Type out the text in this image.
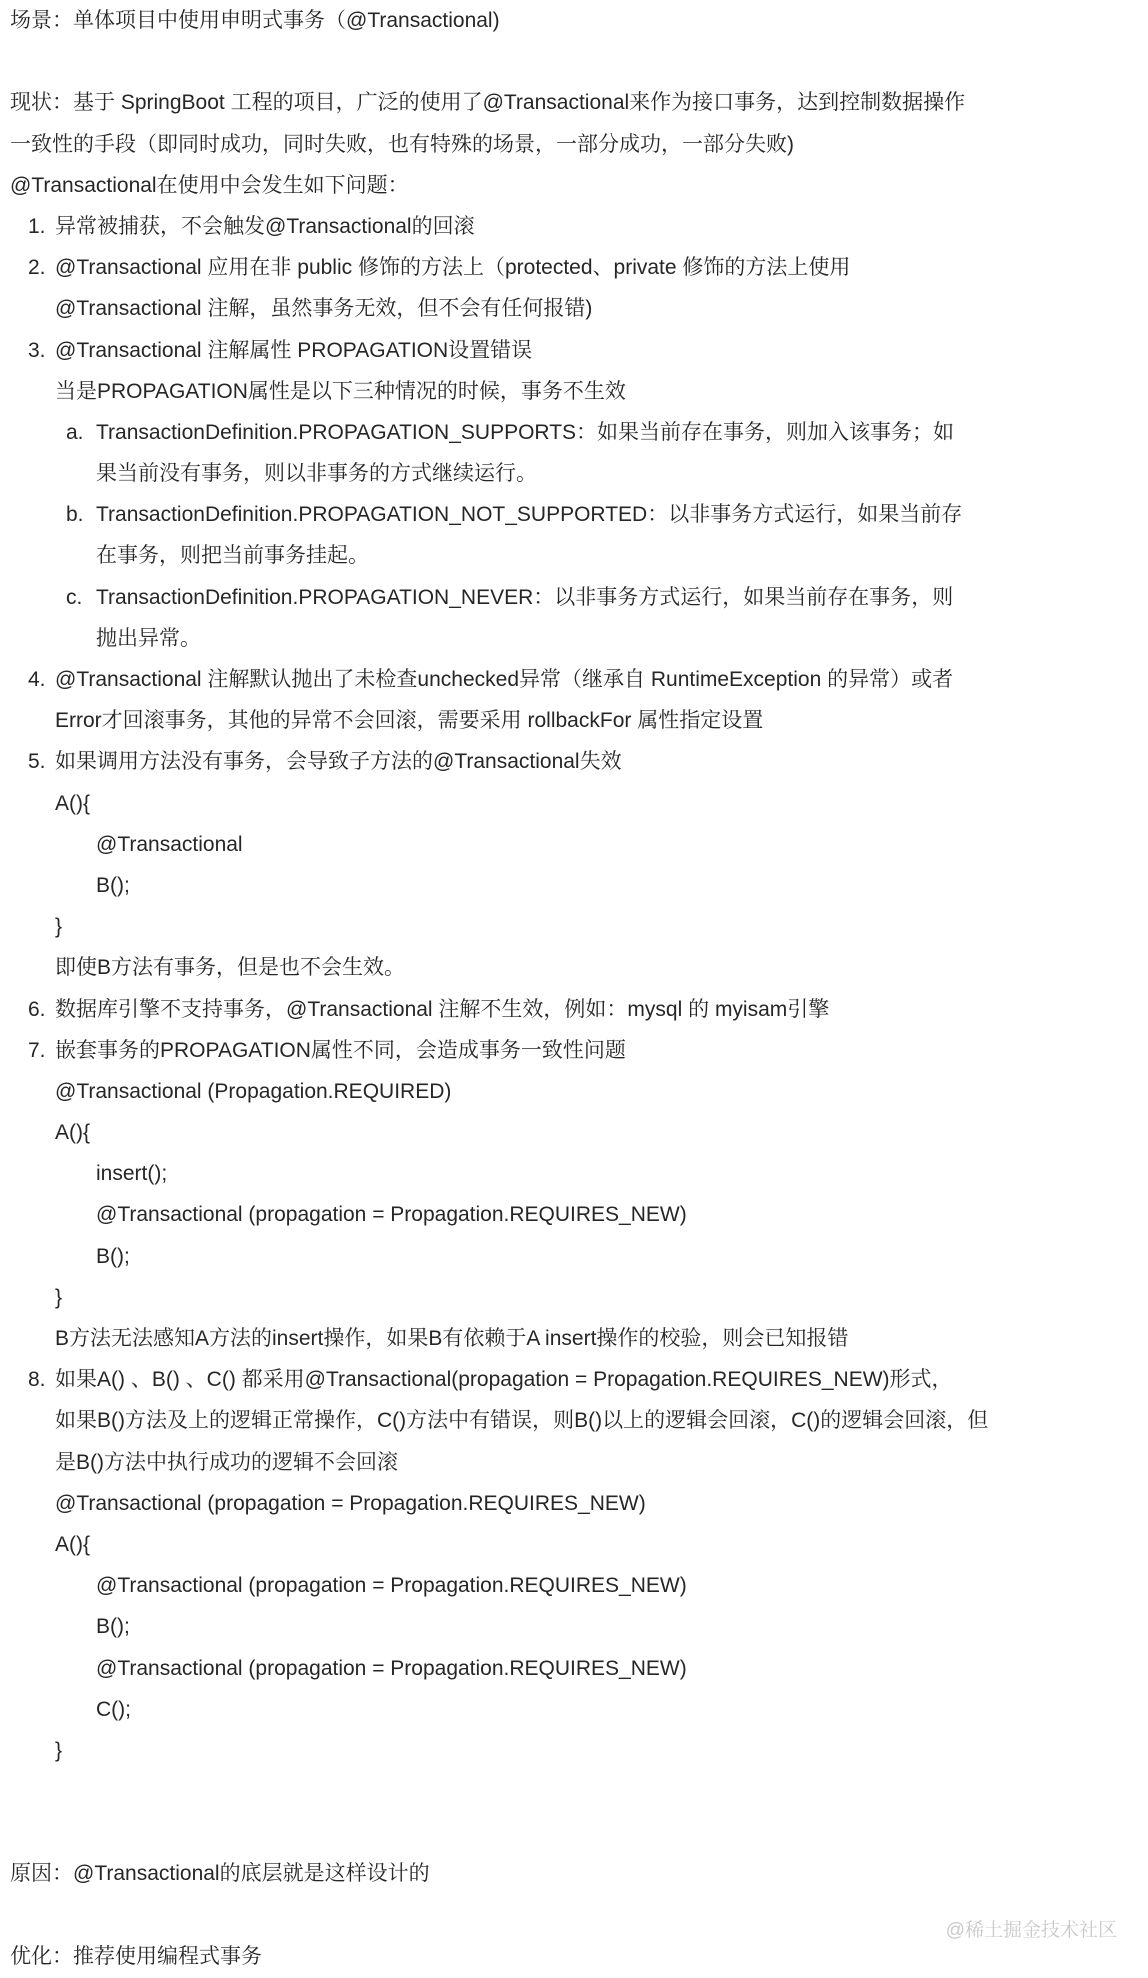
场景：单体项目中使用申明式事务（@Transactional)

现状：基于 SpringBoot 工程的项目，广泛的使用了@Transactional来作为接口事务，达到控制数据操作
一致性的手段（即同时成功，同时失败，也有特殊的场景，一部分成功，一部分失败)
@Transactional在使用中会发生如下问题：
1. 异常被捕获，不会触发@Transactional的回滚
2. @Transactional 应用在非 public 修饰的方法上（protected、private 修饰的方法上使用
@Transactional 注解，虽然事务无效，但不会有任何报错)
3. @Transactional 注解属性 PROPAGATION设置错误
当是PROPAGATION属性是以下三种情况的时候，事务不生效
a. TransactionDefinition.PROPAGATION_SUPPORTS：如果当前存在事务，则加入该事务；如
果当前没有事务，则以非事务的方式继续运行。
b. TransactionDefinition.PROPAGATION_NOT_SUPPORTED：以非事务方式运行，如果当前存
在事务，则把当前事务挂起。
c. TransactionDefinition.PROPAGATION_NEVER：以非事务方式运行，如果当前存在事务，则
抛出异常。
4. @Transactional 注解默认抛出了未检查unchecked异常（继承自 RuntimeException 的异常）或者
Error才回滚事务，其他的异常不会回滚，需要采用 rollbackFor 属性指定设置
5. 如果调用方法没有事务，会导致子方法的@Transactional失效
A(){
@Transactional
B();
}
即使B方法有事务，但是也不会生效。
6. 数据库引擎不支持事务，@Transactional 注解不生效，例如：mysql 的 myisam引擎
7. 嵌套事务的PROPAGATION属性不同，会造成事务一致性问题
@Transactional (Propagation.REQUIRED)
A(){
insert();
@Transactional (propagation = Propagation.REQUIRES_NEW)
B();
}
B方法无法感知A方法的insert操作，如果B有依赖于A insert操作的校验，则会已知报错
8. 如果A() 、B() 、C() 都采用@Transactional(propagation = Propagation.REQUIRES_NEW)形式，
如果B()方法及上的逻辑正常操作，C()方法中有错误，则B()以上的逻辑会回滚，C()的逻辑会回滚，但
是B()方法中执行成功的逻辑不会回滚
@Transactional (propagation = Propagation.REQUIRES_NEW)
A(){
@Transactional (propagation = Propagation.REQUIRES_NEW)
B();
@Transactional (propagation = Propagation.REQUIRES_NEW)
C();
}

原因：@Transactional的底层就是这样设计的

优化：推荐使用编程式事务
@稀土掘金技术社区
